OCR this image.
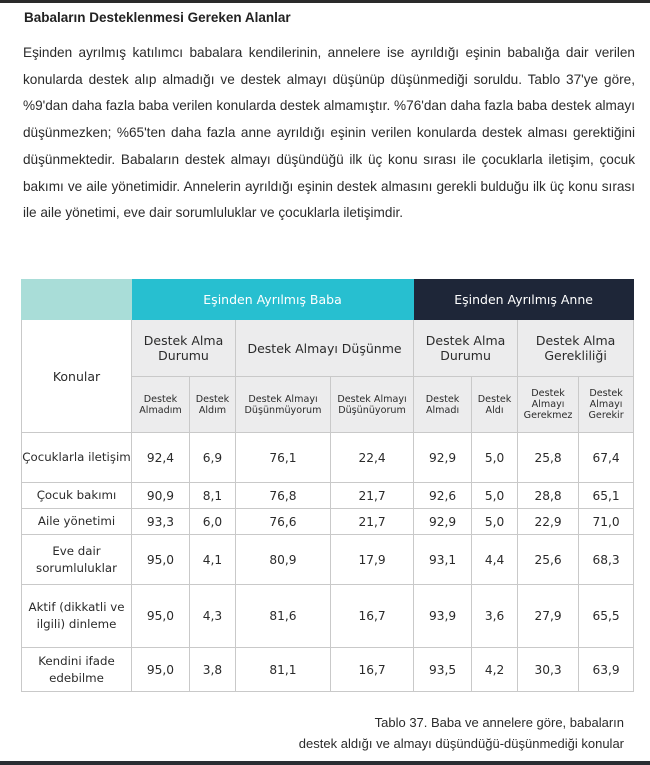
Babaların Desteklenmesi Gereken Alanlar
Eşinden ayrılmış katılımcı babalara kendilerinin, annelere ise ayrıldığı eşinin babalığa dair verilen konularda destek alıp almadığı ve destek almayı düşünüp düşünmediği soruldu. Tablo 37'ye göre, %9'dan daha fazla baba verilen konularda destek almamıştır. %76'dan daha fazla baba destek almayı düşünmezken; %65'ten daha fazla anne ayrıldığı eşinin verilen konularda destek alması gerektiğini düşünmektedir. Babaların destek almayı düşündüğü ilk üç konu sırası ile çocuklarla iletişim, çocuk bakımı ve aile yönetimidir. Annelerin ayrıldığı eşinin destek almasını gerekli bulduğu ilk üç konu sırası ile aile yönetimi, eve dair sorumluluklar ve çocuklarla iletişimdir.
	Eşinden Ayrılmış Baba				Eşinden Ayrılmış Anne			
Konular	Destek Alma Durumu		Destek Almayı Düşünme		Destek Alma Durumu		Destek Alma Gerekliliği	
	Destek Almadım	Destek Aldım	Destek Almayı Düşünmüyorum	Destek Almayı Düşünüyorum	Destek Almadı	Destek Aldı	Destek Almayı Gerekmez	Destek Almayı Gerekir
Çocuklarla iletişim	92,4	6,9	76,1	22,4	92,9	5,0	25,8	67,4
Çocuk bakımı	90,9	8,1	76,8	21,7	92,6	5,0	28,8	65,1
Aile yönetimi	93,3	6,0	76,6	21,7	92,9	5,0	22,9	71,0
Eve dair sorumluluklar	95,0	4,1	80,9	17,9	93,1	4,4	25,6	68,3
Aktif (dikkatli ve ilgili) dinleme	95,0	4,3	81,6	16,7	93,9	3,6	27,9	65,5
Kendini ifade edebilme	95,0	3,8	81,1	16,7	93,5	4,2	30,3	63,9
Tablo 37. Baba ve annelere göre, babaların
destek aldığı ve almayı düşündüğü-düşünmediği konular
